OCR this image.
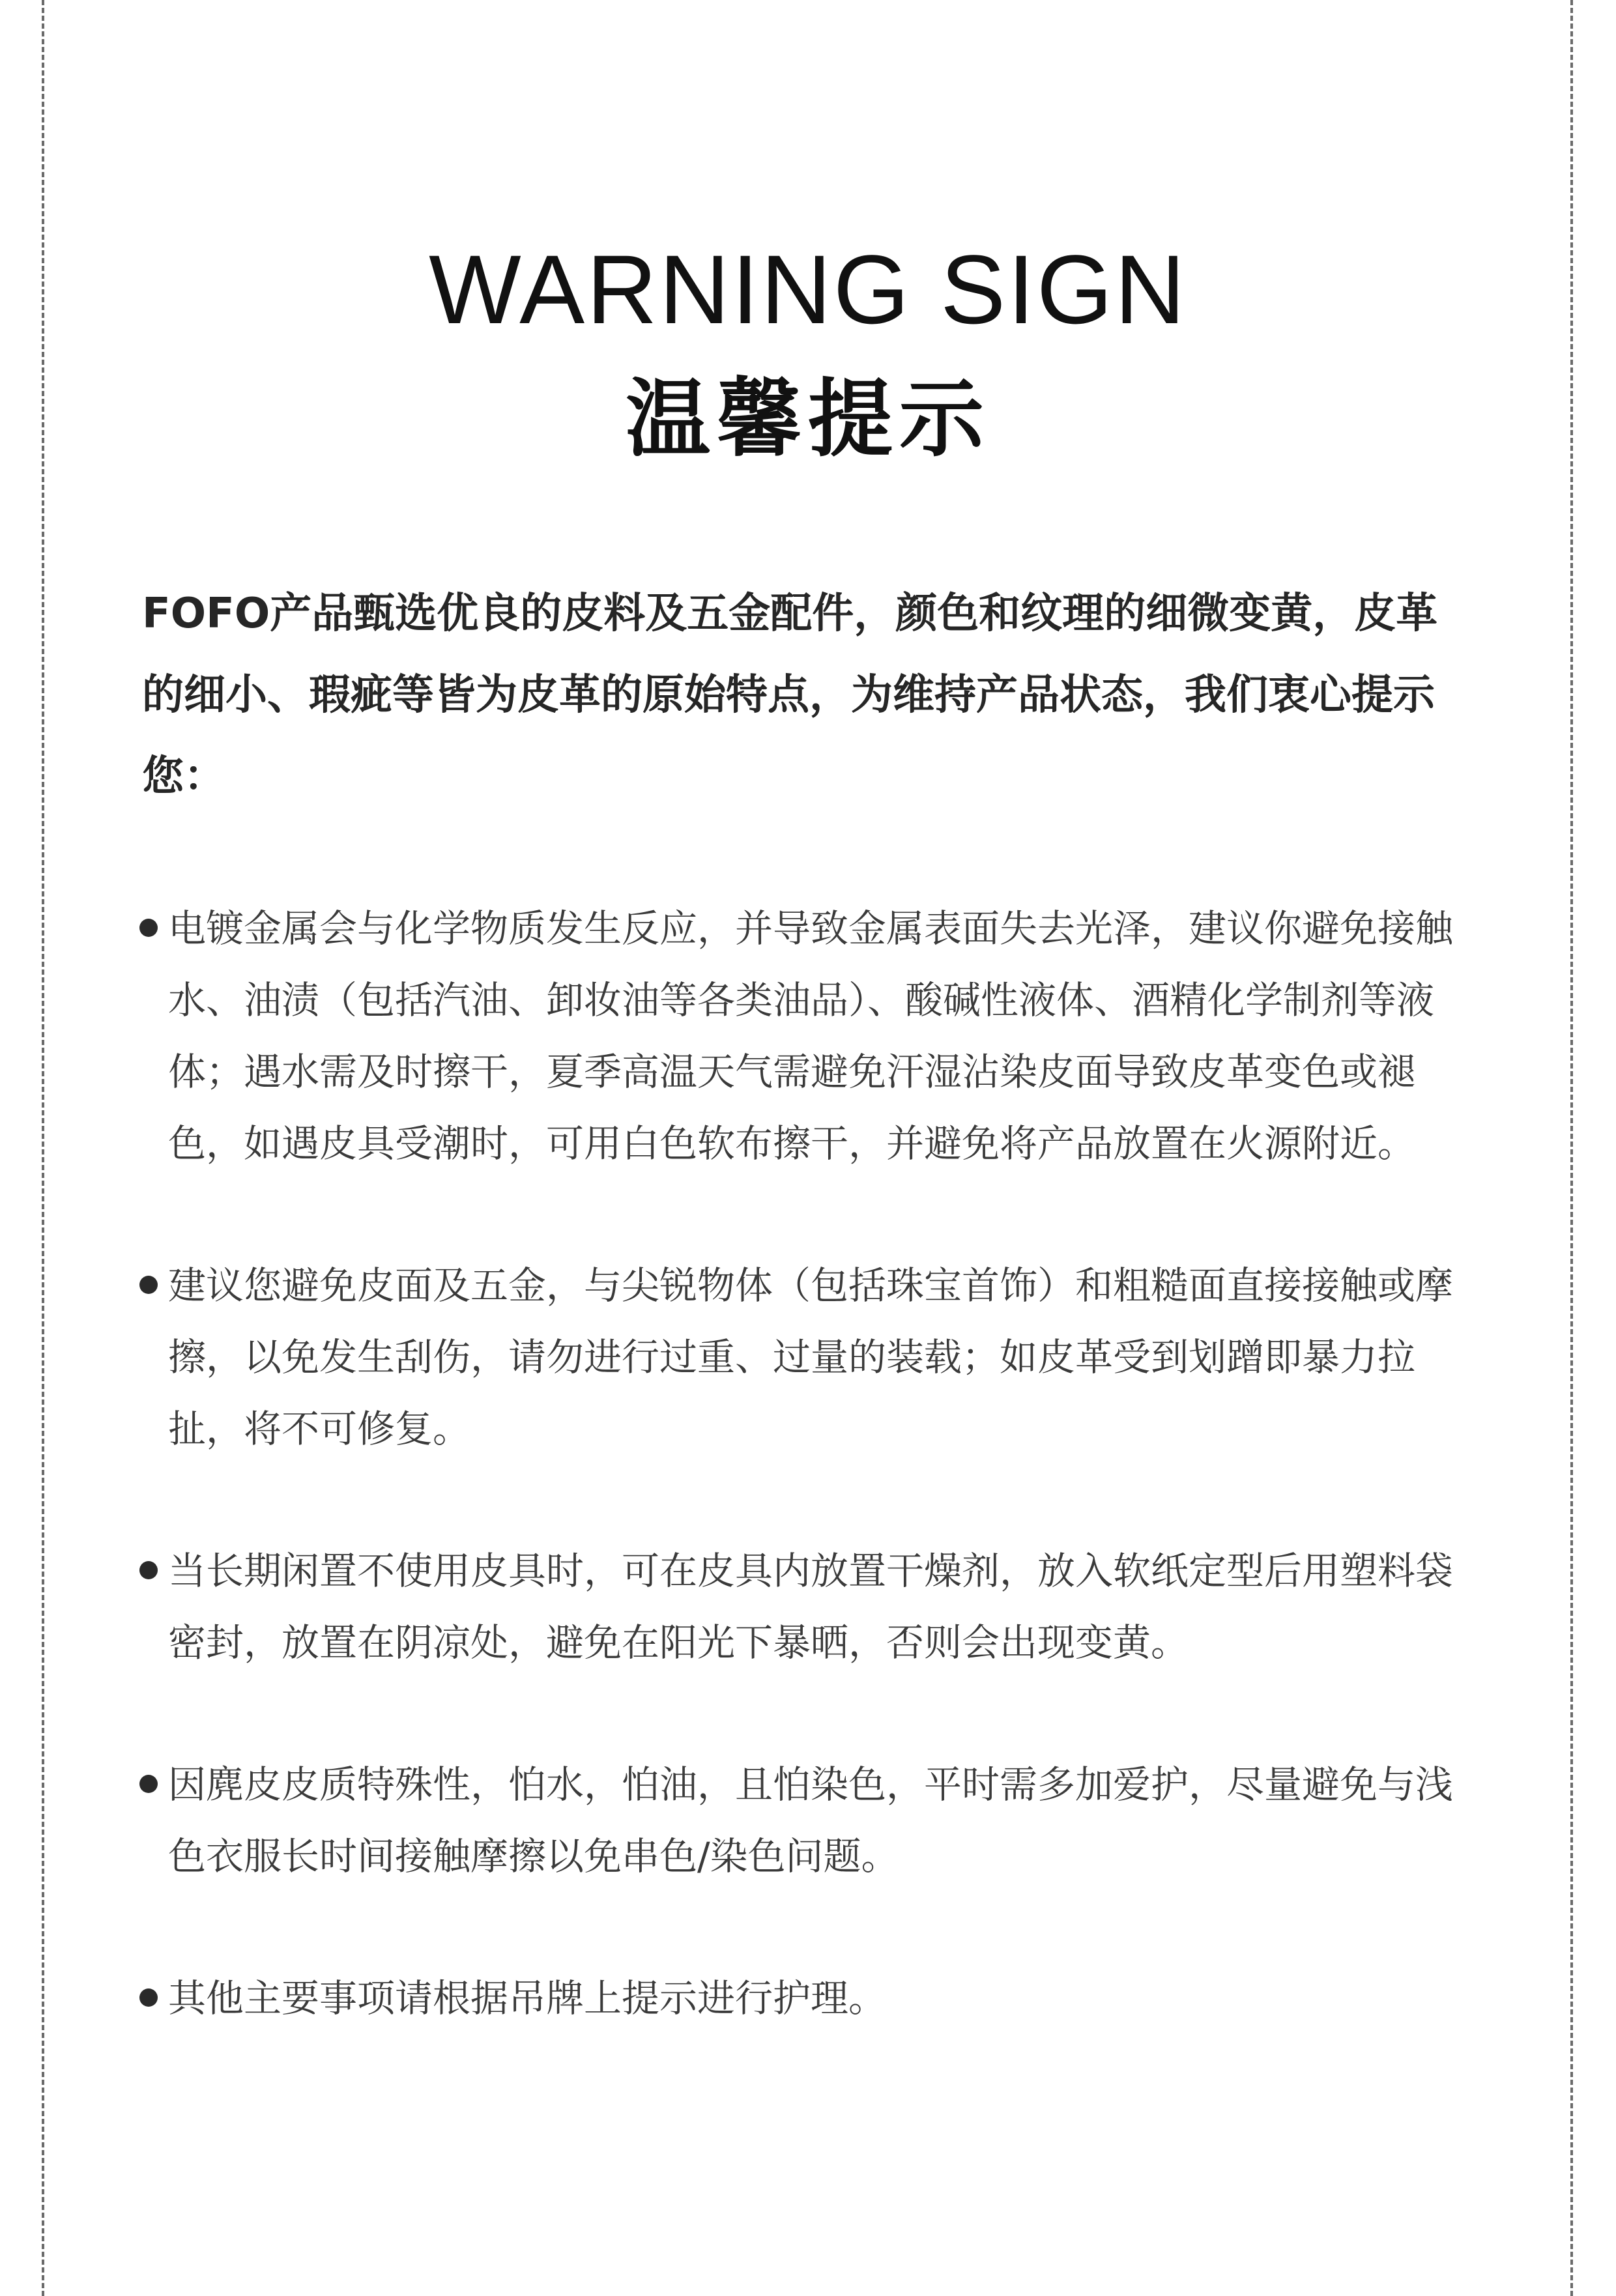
WARNING SIGN
温馨提示

FOFO产品甄选优良的皮料及五金配件，颜色和纹理的细微变黄，皮革的细小、瑕疵等皆为皮革的原始特点，为维持产品状态，我们衷心提示您：

电镀金属会与化学物质发生反应，并导致金属表面失去光泽，建议你避免接触水、油渍（包括汽油、卸妆油等各类油品）、酸碱性液体、酒精化学制剂等液体；遇水需及时擦干，夏季高温天气需避免汗湿沾染皮面导致皮革变色或褪色，如遇皮具受潮时，可用白色软布擦干，并避免将产品放置在火源附近。
建议您避免皮面及五金，与尖锐物体（包括珠宝首饰）和粗糙面直接接触或摩擦，以免发生刮伤，请勿进行过重、过量的装载；如皮革受到划蹭即暴力拉扯，将不可修复。
当长期闲置不使用皮具时，可在皮具内放置干燥剂，放入软纸定型后用塑料袋密封，放置在阴凉处，避免在阳光下暴晒，否则会出现变黄。
因麂皮皮质特殊性，怕水，怕油，且怕染色，平时需多加爱护，尽量避免与浅色衣服长时间接触摩擦以免串色/染色问题。
其他主要事项请根据吊牌上提示进行护理。
